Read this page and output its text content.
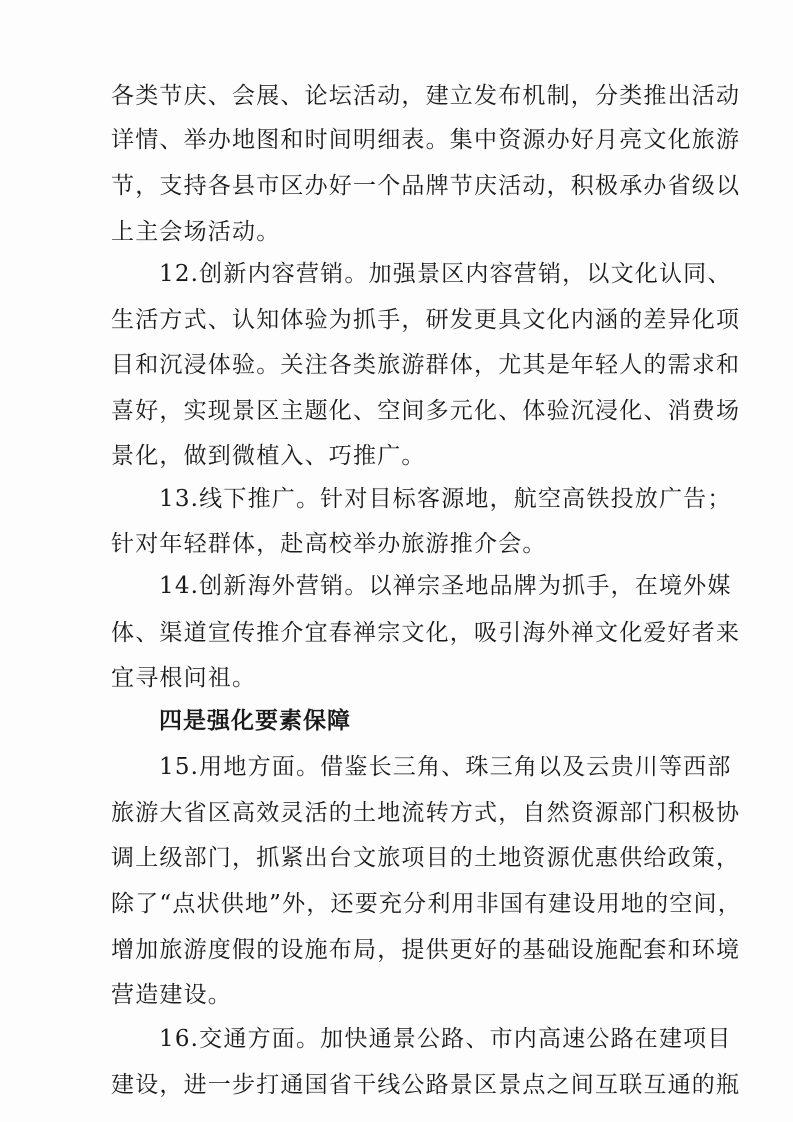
各类节庆、会展、论坛活动，建立发布机制，分类推出活动
详情、举办地图和时间明细表。集中资源办好月亮文化旅游
节，支持各县市区办好一个品牌节庆活动，积极承办省级以
上主会场活动。
12.创新内容营销。加强景区内容营销，以文化认同、
生活方式、认知体验为抓手，研发更具文化内涵的差异化项
目和沉浸体验。关注各类旅游群体，尤其是年轻人的需求和
喜好，实现景区主题化、空间多元化、体验沉浸化、消费场
景化，做到微植入、巧推广。
13.线下推广。针对目标客源地，航空高铁投放广告；
针对年轻群体，赴高校举办旅游推介会。
14.创新海外营销。以禅宗圣地品牌为抓手，在境外媒
体、渠道宣传推介宜春禅宗文化，吸引海外禅文化爱好者来
宜寻根问祖。
四是强化要素保障
15.用地方面。借鉴长三角、珠三角以及云贵川等西部
旅游大省区高效灵活的土地流转方式，自然资源部门积极协
调上级部门，抓紧出台文旅项目的土地资源优惠供给政策，
除了“点状供地”外，还要充分利用非国有建设用地的空间，
增加旅游度假的设施布局，提供更好的基础设施配套和环境
营造建设。
16.交通方面。加快通景公路、市内高速公路在建项目
建设，进一步打通国省干线公路景区景点之间互联互通的瓶
